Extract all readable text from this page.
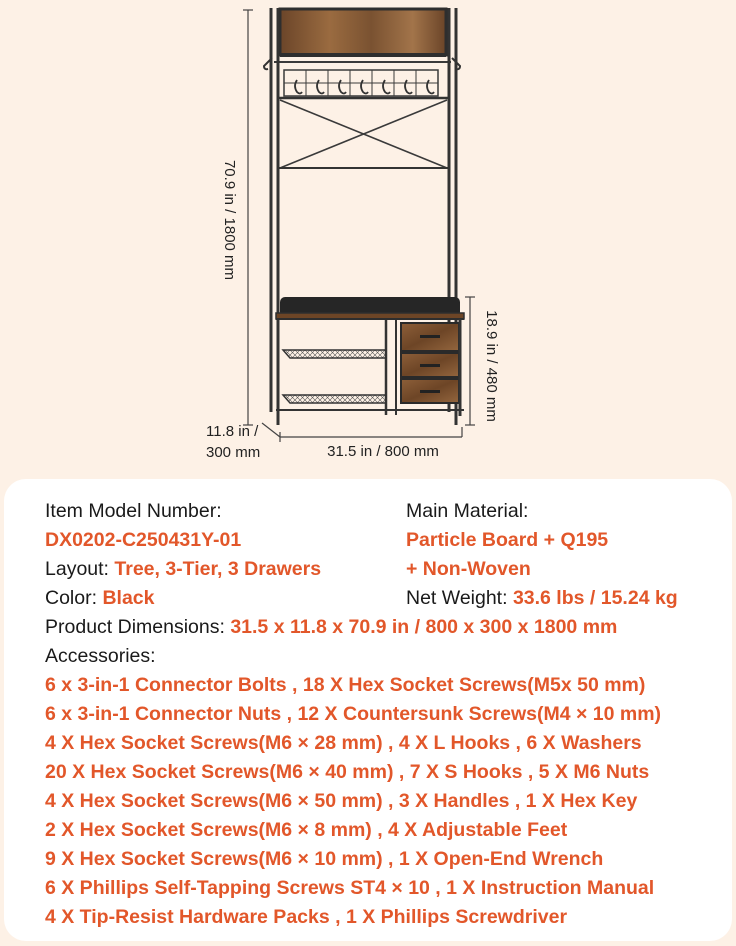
70.9 in / 1800 mm
18.9 in / 480 mm
11.8 in /
300 mm	31.5 in / 800 mm
Item Model Number:
DX0202-C250431Y-01
Layout: Tree, 3-Tier, 3 Drawers
Color: Black
Main Material:
Particle Board + Q195
+ Non-Woven
Net Weight: 33.6 lbs / 15.24 kg
Product Dimensions: 31.5 x 11.8 x 70.9 in / 800 x 300 x 1800 mm
Accessories:
6 x 3-in-1 Connector Bolts , 18 X Hex Socket Screws(M5x 50 mm)
6 x 3-in-1 Connector Nuts , 12 X Countersunk Screws(M4 × 10 mm)
4 X Hex Socket Screws(M6 × 28 mm) , 4 X L Hooks , 6 X Washers
20 X Hex Socket Screws(M6 × 40 mm) , 7 X S Hooks , 5 X M6 Nuts
4 X Hex Socket Screws(M6 × 50 mm) , 3 X Handles , 1 X Hex Key
2 X Hex Socket Screws(M6 × 8 mm) , 4 X Adjustable Feet
9 X Hex Socket Screws(M6 × 10 mm) , 1 X Open-End Wrench
6 X Phillips Self-Tapping Screws ST4 × 10 , 1 X Instruction Manual
4 X Tip-Resist Hardware Packs , 1 X Phillips Screwdriver
